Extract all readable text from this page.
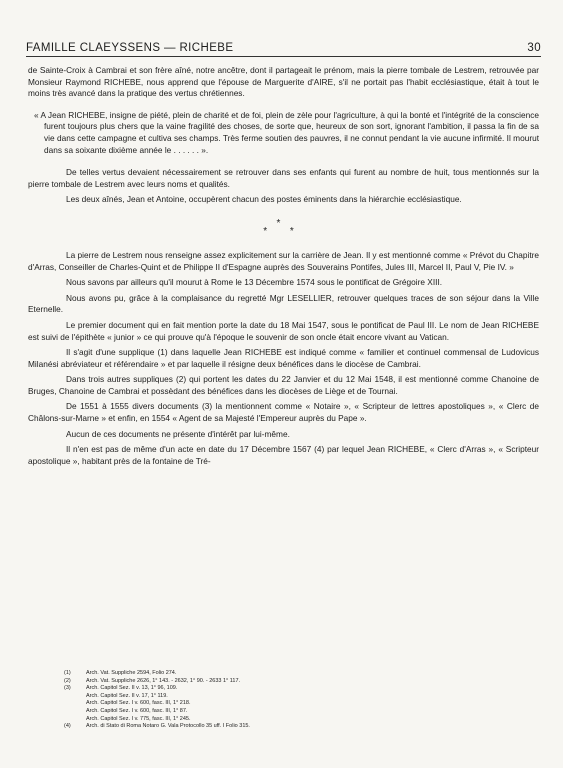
FAMILLE CLAEYSSENS — RICHEBE	30

de Sainte-Croix à Cambrai et son frère aîné, notre ancêtre, dont il partageait le prénom, mais la pierre tombale de Lestrem, retrouvée par Monsieur Raymond RICHEBE, nous apprend que l'épouse de Marguerite d'AIRE, s'il ne portait pas l'habit ecclésiastique, était à tout le moins très avancé dans la pratique des vertus chrétiennes.

« A Jean RICHEBE, insigne de piété, plein de charité et de foi, plein de zèle pour l'agriculture, à qui la bonté et l'intégrité de la conscience furent toujours plus chers que la vaine fragilité des choses, de sorte que, heureux de son sort, ignorant l'ambition, il passa la fin de sa vie dans cette campagne et cultiva ses champs. Très ferme soutien des pauvres, il ne connut pendant la vie aucune infirmité. Il mourut dans sa soixante dixième année le . . . . . . ».

De telles vertus devaient nécessairement se retrouver dans ses enfants qui furent au nombre de huit, tous mentionnés sur la pierre tombale de Lestrem avec leurs noms et qualités.

Les deux aînés, Jean et Antoine, occupèrent chacun des postes éminents dans la hiérarchie ecclésiastique.

*
* *

La pierre de Lestrem nous renseigne assez explicitement sur la carrière de Jean. Il y est mentionné comme « Prévot du Chapitre d'Arras, Conseiller de Charles-Quint et de Philippe II d'Espagne auprès des Souverains Pontifes, Jules III, Marcel II, Paul V, Pie IV. »

Nous savons par ailleurs qu'il mourut à Rome le 13 Décembre 1574 sous le pontificat de Grégoire XIII.

Nous avons pu, grâce à la complaisance du regretté Mgr LESELLIER, retrouver quelques traces de son séjour dans la Ville Eternelle.

Le premier document qui en fait mention porte la date du 18 Mai 1547, sous le pontificat de Paul III. Le nom de Jean RICHEBE est suivi de l'épithète « junior » ce qui prouve qu'à l'époque le souvenir de son oncle était encore vivant au Vatican.

Il s'agit d'une supplique (1) dans laquelle Jean RICHEBE est indiqué comme « familier et continuel commensal de Ludovicus Milanési abréviateur et référendaire » et par laquelle il résigne deux bénéfices dans le diocèse de Cambrai.

Dans trois autres suppliques (2) qui portent les dates du 22 Janvier et du 12 Mai 1548, il est mentionné comme Chanoine de Bruges, Chanoine de Cambrai et possèdant des bénéfices dans les diocèses de Liège et de Tournai.

De 1551 à 1555 divers documents (3) la mentionnent comme « Notaire », « Scripteur de lettres apostoliques », « Clerc de Châlons-sur-Marne » et enfin, en 1554 « Agent de sa Majesté l'Empereur auprès du Pape ».

Aucun de ces documents ne présente d'intérêt par lui-même.

Il n'en est pas de même d'un acte en date du 17 Décembre 1567 (4) par lequel Jean RICHEBE, « Clerc d'Arras », « Scripteur apostolique », habitant près de la fontaine de Tré-

(1)	Arch. Vat. Suppliche 2594, Folio 274.
(2)	Arch. Vat. Suppliche 2626, 1° 143. - 2632, 1° 90. - 2633 1° 117.
(3)	Arch. Capitol Sez. II v. 13, 1° 96, 109.
Arch. Capitol Sez. II v. 17, 1° 119.
Arch. Capitol Sez. I v. 600, fasc. III, 1° 218.
Arch. Capitol Sez. I v. 600, fasc. III, 1° 87.
Arch. Capitol Sez. I v. 775, fasc. III, 1° 245.
(4)	Arch. di Stato di Roma Notaro G. Vala Protocollo 35 uff. I Folio 315.
